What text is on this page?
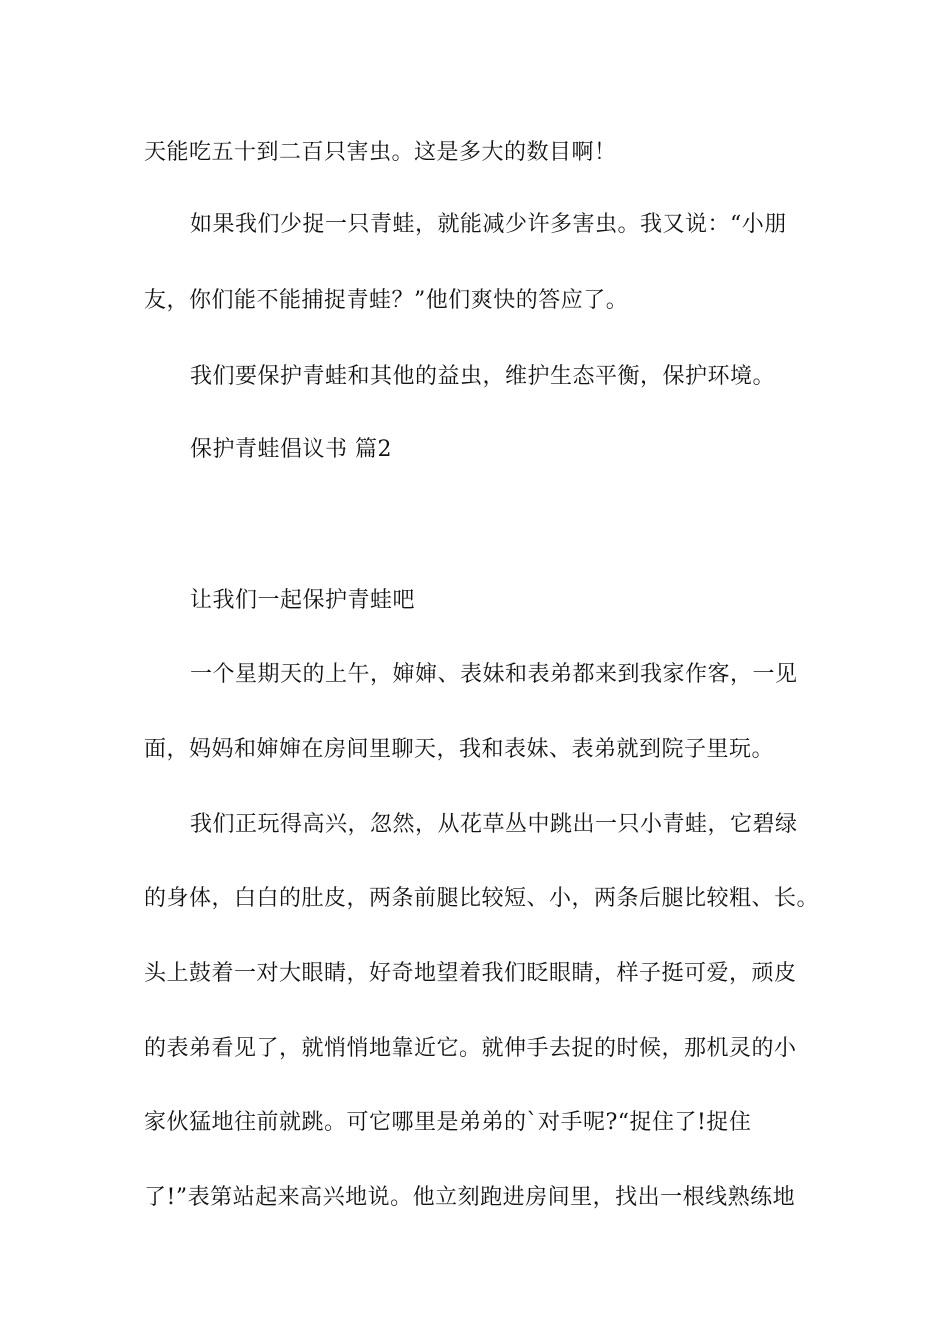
天能吃五十到二百只害虫。这是多大的数目啊！
如果我们少捉一只青蛙，就能减少许多害虫。我又说：“小朋
友，你们能不能捕捉青蛙？”他们爽快的答应了。
我们要保护青蛙和其他的益虫，维护生态平衡，保护环境。
保护青蛙倡议书 篇2
让我们一起保护青蛙吧
一个星期天的上午，婶婶、表妹和表弟都来到我家作客，一见
面，妈妈和婶婶在房间里聊天，我和表妹、表弟就到院子里玩。
我们正玩得高兴，忽然，从花草丛中跳出一只小青蛙，它碧绿
的身体，白白的肚皮，两条前腿比较短、小，两条后腿比较粗、长。
头上鼓着一对大眼睛，好奇地望着我们眨眼睛，样子挺可爱，顽皮
的表弟看见了，就悄悄地靠近它。就伸手去捉的时候，那机灵的小
家伙猛地往前就跳。可它哪里是弟弟的`对手呢?“捉住了!捉住
了!”表第站起来高兴地说。他立刻跑进房间里，找出一根线熟练地
